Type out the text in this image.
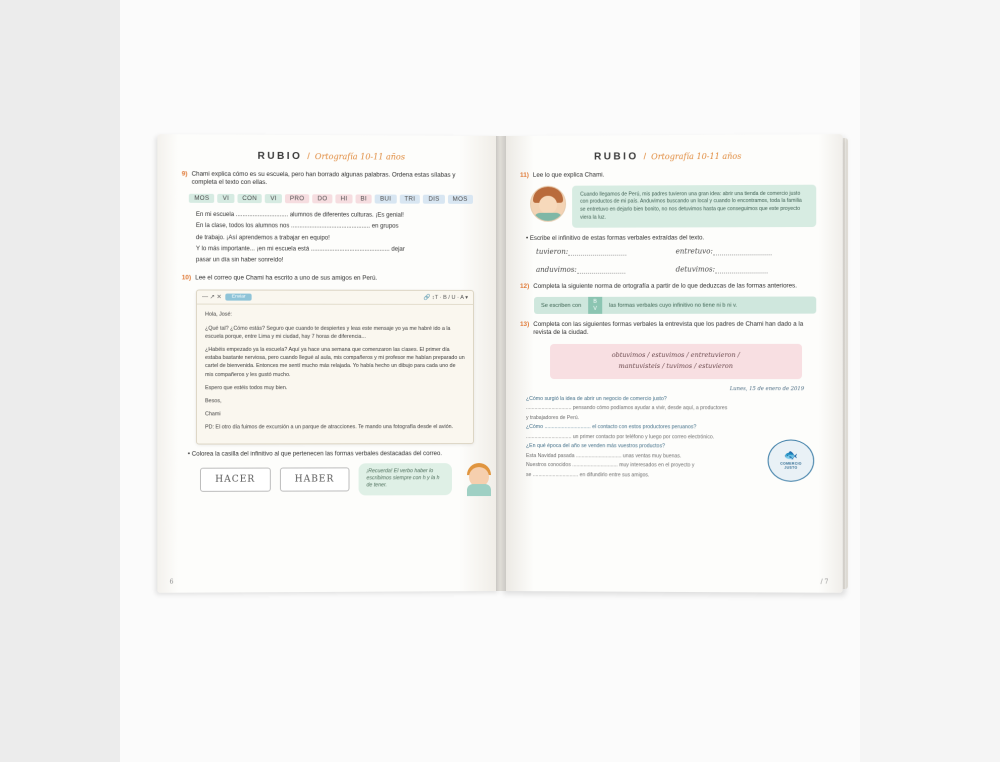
RUBIO / Ortografía 10-11 años
9) Chami explica cómo es su escuela, pero han borrado algunas palabras. Ordena estas sílabas y completa el texto con ellas.
MOS	VI	CON	VI	PRO	DO	HI	BI	BUI	TRI	DIS	MOS
En mi escuela ............................... alumnos de diferentes culturas. ¡Es genial!
En la clase, todos los alumnos nos ............................................... en grupos
de trabajo. ¡Así aprendemos a trabajar en equipo!
Y lo más importante... ¡en mi escuela está ............................................... dejar
pasar un día sin haber sonreído!
10) Lee el correo que Chami ha escrito a uno de sus amigos en Perú.
— ↗ ✕	Enviar	🔗 ↕T · B / U · A ▾

Hola, José:

¿Qué tal? ¿Cómo estás? Seguro que cuando te despiertes y leas este mensaje yo ya me habré ido a la escuela porque, entre Lima y mi ciudad, hay 7 horas de diferencia...

¿Habéis empezado ya la escuela? Aquí ya hace una semana que comenzaron las clases. El primer día estaba bastante nerviosa, pero cuando llegué al aula, mis compañeros y mi profesor me habían preparado un cartel de bienvenida. Entonces me sentí mucho más relajada. Yo había hecho un dibujo para cada uno de mis compañeros y les gustó mucho.

Espero que estéis todos muy bien.

Besos,

Chami

PD: El otro día fuimos de excursión a un parque de atracciones. Te mando una fotografía desde el avión.

• Colorea la casilla del infinitivo al que pertenecen las formas verbales destacadas del correo.
HACER	HABER
¡Recuerda! El verbo haber lo escribimos siempre con h y la h de tener.
6
RUBIO / Ortografía 10-11 años
11) Lee lo que explica Chami.
Cuando llegamos de Perú, mis padres tuvieron una gran idea: abrir una tienda de comercio justo con productos de mi país. Anduvimos buscando un local y cuando lo encontramos, toda la familia se entretuvo en dejarlo bien bonito, no nos detuvimos hasta que conseguimos que este proyecto viera la luz.
• Escribe el infinitivo de estas formas verbales extraídas del texto.
tuvieron:
anduvimos:
entretuvo:
detuvimos:
12) Completa la siguiente norma de ortografía a partir de lo que deduzcas de las formas anteriores.
Se escriben con
B
V
las formas verbales cuyo infinitivo no tiene ni b ni v.
13) Completa con las siguientes formas verbales la entrevista que los padres de Chami han dado a la revista de la ciudad.
obtuvimos / estuvimos / entretuvieron /
mantuvisteis / tuvimos / estuvieron
Lunes, 15 de enero de 2019
¿Cómo surgió la idea de abrir un negocio de comercio justo?
................................ pensando cómo podíamos ayudar a vivir, desde aquí, a productores
y trabajadores de Perú.
¿Cómo ................................ el contacto con estos productores peruanos?
................................ un primer contacto por teléfono y luego por correo electrónico.
¿En qué época del año se venden más vuestros productos?
Esta Navidad pasada ................................ unas ventas muy buenas.
Nuestros conocidos ................................ muy interesados en el proyecto y
se ................................ en difundirlo entre sus amigos.
🐟
COMERCIO
JUSTO
/ 7
